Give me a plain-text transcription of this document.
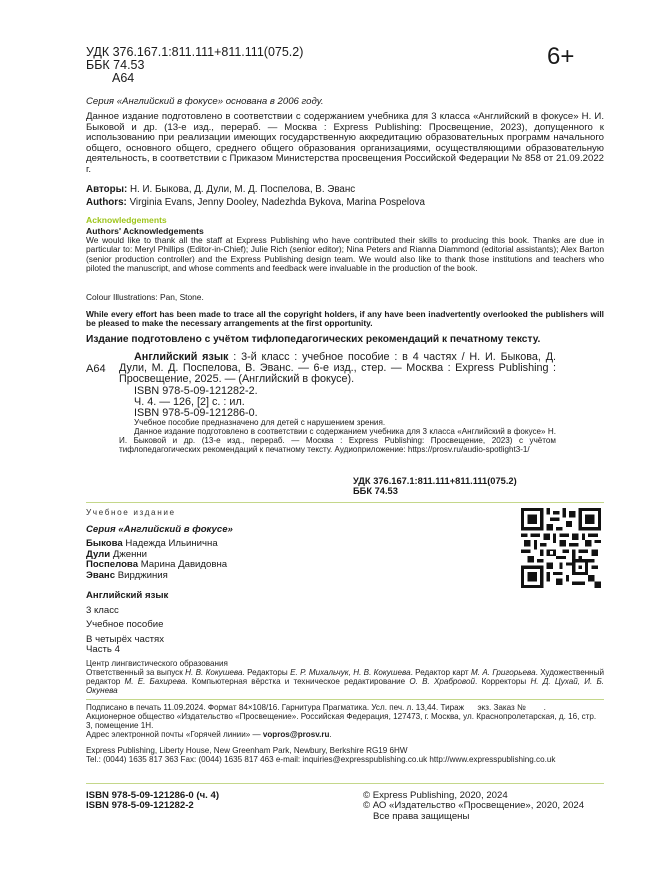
УДК 376.167.1:811.111+811.111(075.2)
ББК 74.53
А64
6+
Серия «Английский в фокусе» основана в 2006 году.

Данное издание подготовлено в соответствии с содержанием учебника для 3 класса «Английский в фокусе» Н. И. Быковой и др. (13-е изд., перераб. — Москва : Express Publishing: Просвещение, 2023), допущенного к использованию при реализации имеющих государственную аккредитацию образовательных программ начального общего, основного общего, среднего общего образования организациями, осуществляющими образовательную деятельность, в соответствии с Приказом Министерства просвещения Российской Федерации № 858 от 21.09.2022 г.

Авторы: Н. И. Быкова, Д. Дули, М. Д. Поспелова, В. Эванс
Authors: Virginia Evans, Jenny Dooley, Nadezhda Bykova, Marina Pospelova
Acknowledgements
Authors' Acknowledgements

We would like to thank all the staff at Express Publishing who have contributed their skills to producing this book. Thanks are due in particular to: Meryl Phillips (Editor-in-Chief); Julie Rich (senior editor); Nina Peters and Rianna Diammond (editorial assistants); Alex Barton (senior production controller) and the Express Publishing design team. We would also like to thank those institutions and teachers who piloted the manuscript, and whose comments and feedback were invaluable in the production of the book.

Colour Illustrations: Pan, Stone.

While every effort has been made to trace all the copyright holders, if any have been inadvertently overlooked the publishers will be pleased to make the necessary arrangements at the first opportunity.

Издание подготовлено с учётом тифлопедагогических рекомендаций к печатному тексту.
А64
Английский язык : 3-й класс : учебное пособие : в 4 частях / Н. И. Быкова, Д. Дули, М. Д. Поспелова, В. Эванс. — 6-е изд., стер. — Москва : Express Publishing : Просвещение, 2025. — (Английский в фокусе).
ISBN 978-5-09-121282-2.
Ч. 4. — 126, [2] с. : ил.
ISBN 978-5-09-121286-0.
Учебное пособие предназначено для детей с нарушением зрения.
Данное издание подготовлено в соответствии с содержанием учебника для 3 класса «Английский в фокусе» Н. И. Быковой и др. (13-е изд., перераб. — Москва : Express Publishing: Просвещение, 2023) с учётом тифлопедагогических рекомендаций к печатному тексту. Аудиоприложение: https://prosv.ru/audio-spotlight3-1/
УДК 376.167.1:811.111+811.111(075.2)
ББК 74.53
Учебное издание
Серия «Английский в фокусе»
Быкова Надежда Ильинична
Дули Дженни
Поспелова Марина Давидовна
Эванс Вирджиния
Английский язык
3 класс
Учебное пособие
В четырёх частях
Часть 4
Центр лингвистического образования
Ответственный за выпуск Н. В. Кокушева. Редакторы Е. Р. Михальчук, Н. В. Кокушева. Редактор карт М. А. Григорьева. Художественный редактор М. Е. Бахирева. Компьютерная вёрстка и техническое редактирование О. В. Храбровой. Корректоры Н. Д. Цухай, И. Б. Окунева
Подписано в печать 11.09.2024. Формат 84×108/16. Гарнитура Прагматика. Усл. печ. л. 13,44. Тираж      экз. Заказ №        .
Акционерное общество «Издательство «Просвещение». Российская Федерация, 127473, г. Москва, ул. Краснопролетарская, д. 16, стр. 3, помещение 1Н.
Адрес электронной почты «Горячей линии» — vopros@prosv.ru.
Express Publishing, Liberty House, New Greenham Park, Newbury, Berkshire RG19 6HW
Tel.: (0044) 1635 817 363 Fax: (0044) 1635 817 463 e-mail: inquiries@expresspublishing.co.uk http://www.expresspublishing.co.uk
ISBN 978-5-09-121286-0 (ч. 4)
ISBN 978-5-09-121282-2
© Express Publishing, 2020, 2024
© АО «Издательство «Просвещение», 2020, 2024
Все права защищены
